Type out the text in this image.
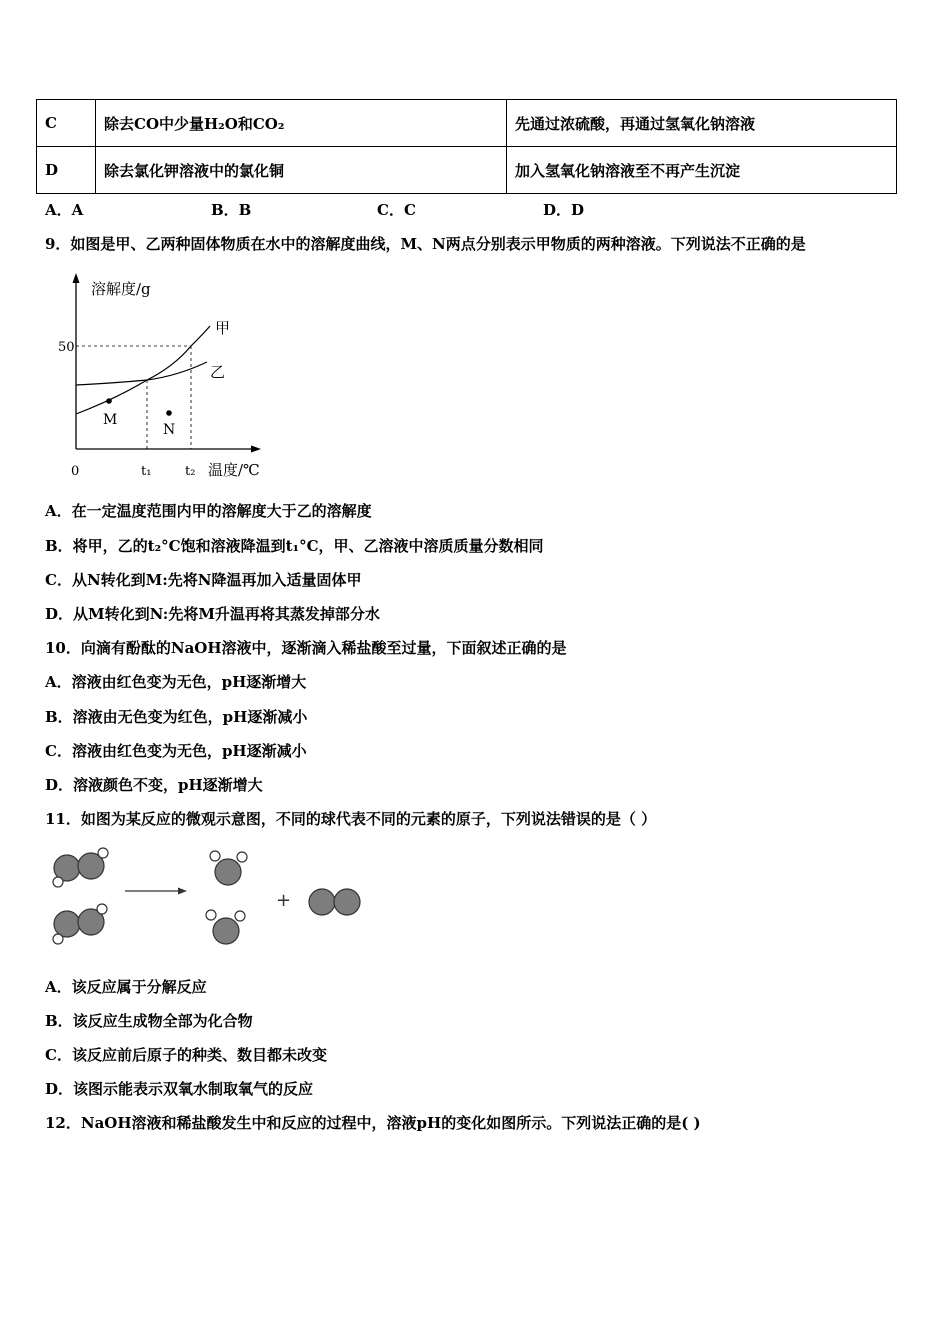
C	除去CO中少量H₂O和CO₂	先通过浓硫酸，再通过氢氧化钠溶液
D	除去氯化钾溶液中的氯化铜	加入氢氧化钠溶液至不再产生沉淀
A．A	B．B	C．C	D．D
9．如图是甲、乙两种固体物质在水中的溶解度曲线，M、N两点分别表示甲物质的两种溶液。下列说法不正确的是
溶解度/g
温度/℃
0
50
t₁	t₂
甲
乙
M
N
A．在一定温度范围内甲的溶解度大于乙的溶解度
B．将甲，乙的t₂°C饱和溶液降温到t₁°C，甲、乙溶液中溶质质量分数相同
C．从N转化到M:先将N降温再加入适量固体甲
D．从M转化到N:先将M升温再将其蒸发掉部分水
10．向滴有酚酞的NaOH溶液中，逐渐滴入稀盐酸至过量，下面叙述正确的是
A．溶液由红色变为无色，pH逐渐增大
B．溶液由无色变为红色，pH逐渐减小
C．溶液由红色变为无色，pH逐渐减小
D．溶液颜色不变，pH逐渐增大
11．如图为某反应的微观示意图，不同的球代表不同的元素的原子，下列说法错误的是（ ）
+
A．该反应属于分解反应
B．该反应生成物全部为化合物
C．该反应前后原子的种类、数目都未改变
D．该图示能表示双氧水制取氧气的反应
12．NaOH溶液和稀盐酸发生中和反应的过程中，溶液pH的变化如图所示。下列说法正确的是( )
